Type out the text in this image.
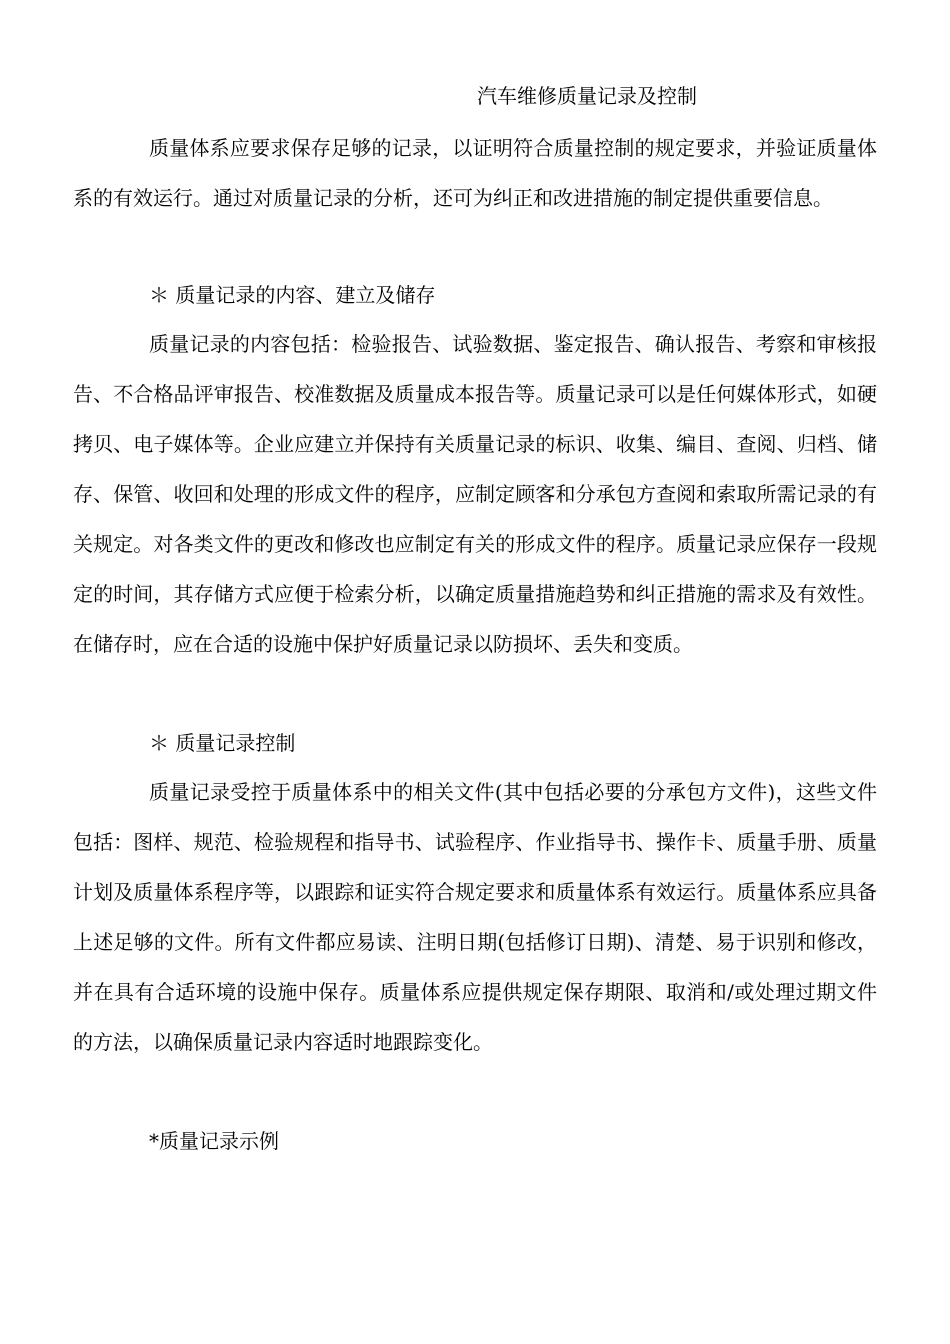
汽车维修质量记录及控制

质量体系应要求保存足够的记录，以证明符合质量控制的规定要求，并验证质量体系的有效运行。通过对质量记录的分析，还可为纠正和改进措施的制定提供重要信息。

＊ 质量记录的内容、建立及储存

质量记录的内容包括：检验报告、试验数据、鉴定报告、确认报告、考察和审核报告、不合格品评审报告、校准数据及质量成本报告等。质量记录可以是任何媒体形式，如硬拷贝、电子媒体等。企业应建立并保持有关质量记录的标识、收集、编目、查阅、归档、储存、保管、收回和处理的形成文件的程序，应制定顾客和分承包方查阅和索取所需记录的有关规定。对各类文件的更改和修改也应制定有关的形成文件的程序。质量记录应保存一段规定的时间，其存储方式应便于检索分析，以确定质量措施趋势和纠正措施的需求及有效性。在储存时，应在合适的设施中保护好质量记录以防损坏、丢失和变质。

＊ 质量记录控制

质量记录受控于质量体系中的相关文件(其中包括必要的分承包方文件)，这些文件包括：图样、规范、检验规程和指导书、试验程序、作业指导书、操作卡、质量手册、质量计划及质量体系程序等，以跟踪和证实符合规定要求和质量体系有效运行。质量体系应具备上述足够的文件。所有文件都应易读、注明日期(包括修订日期)、清楚、易于识别和修改，并在具有合适环境的设施中保存。质量体系应提供规定保存期限、取消和/或处理过期文件的方法，以确保质量记录内容适时地跟踪变化。

*质量记录示例
